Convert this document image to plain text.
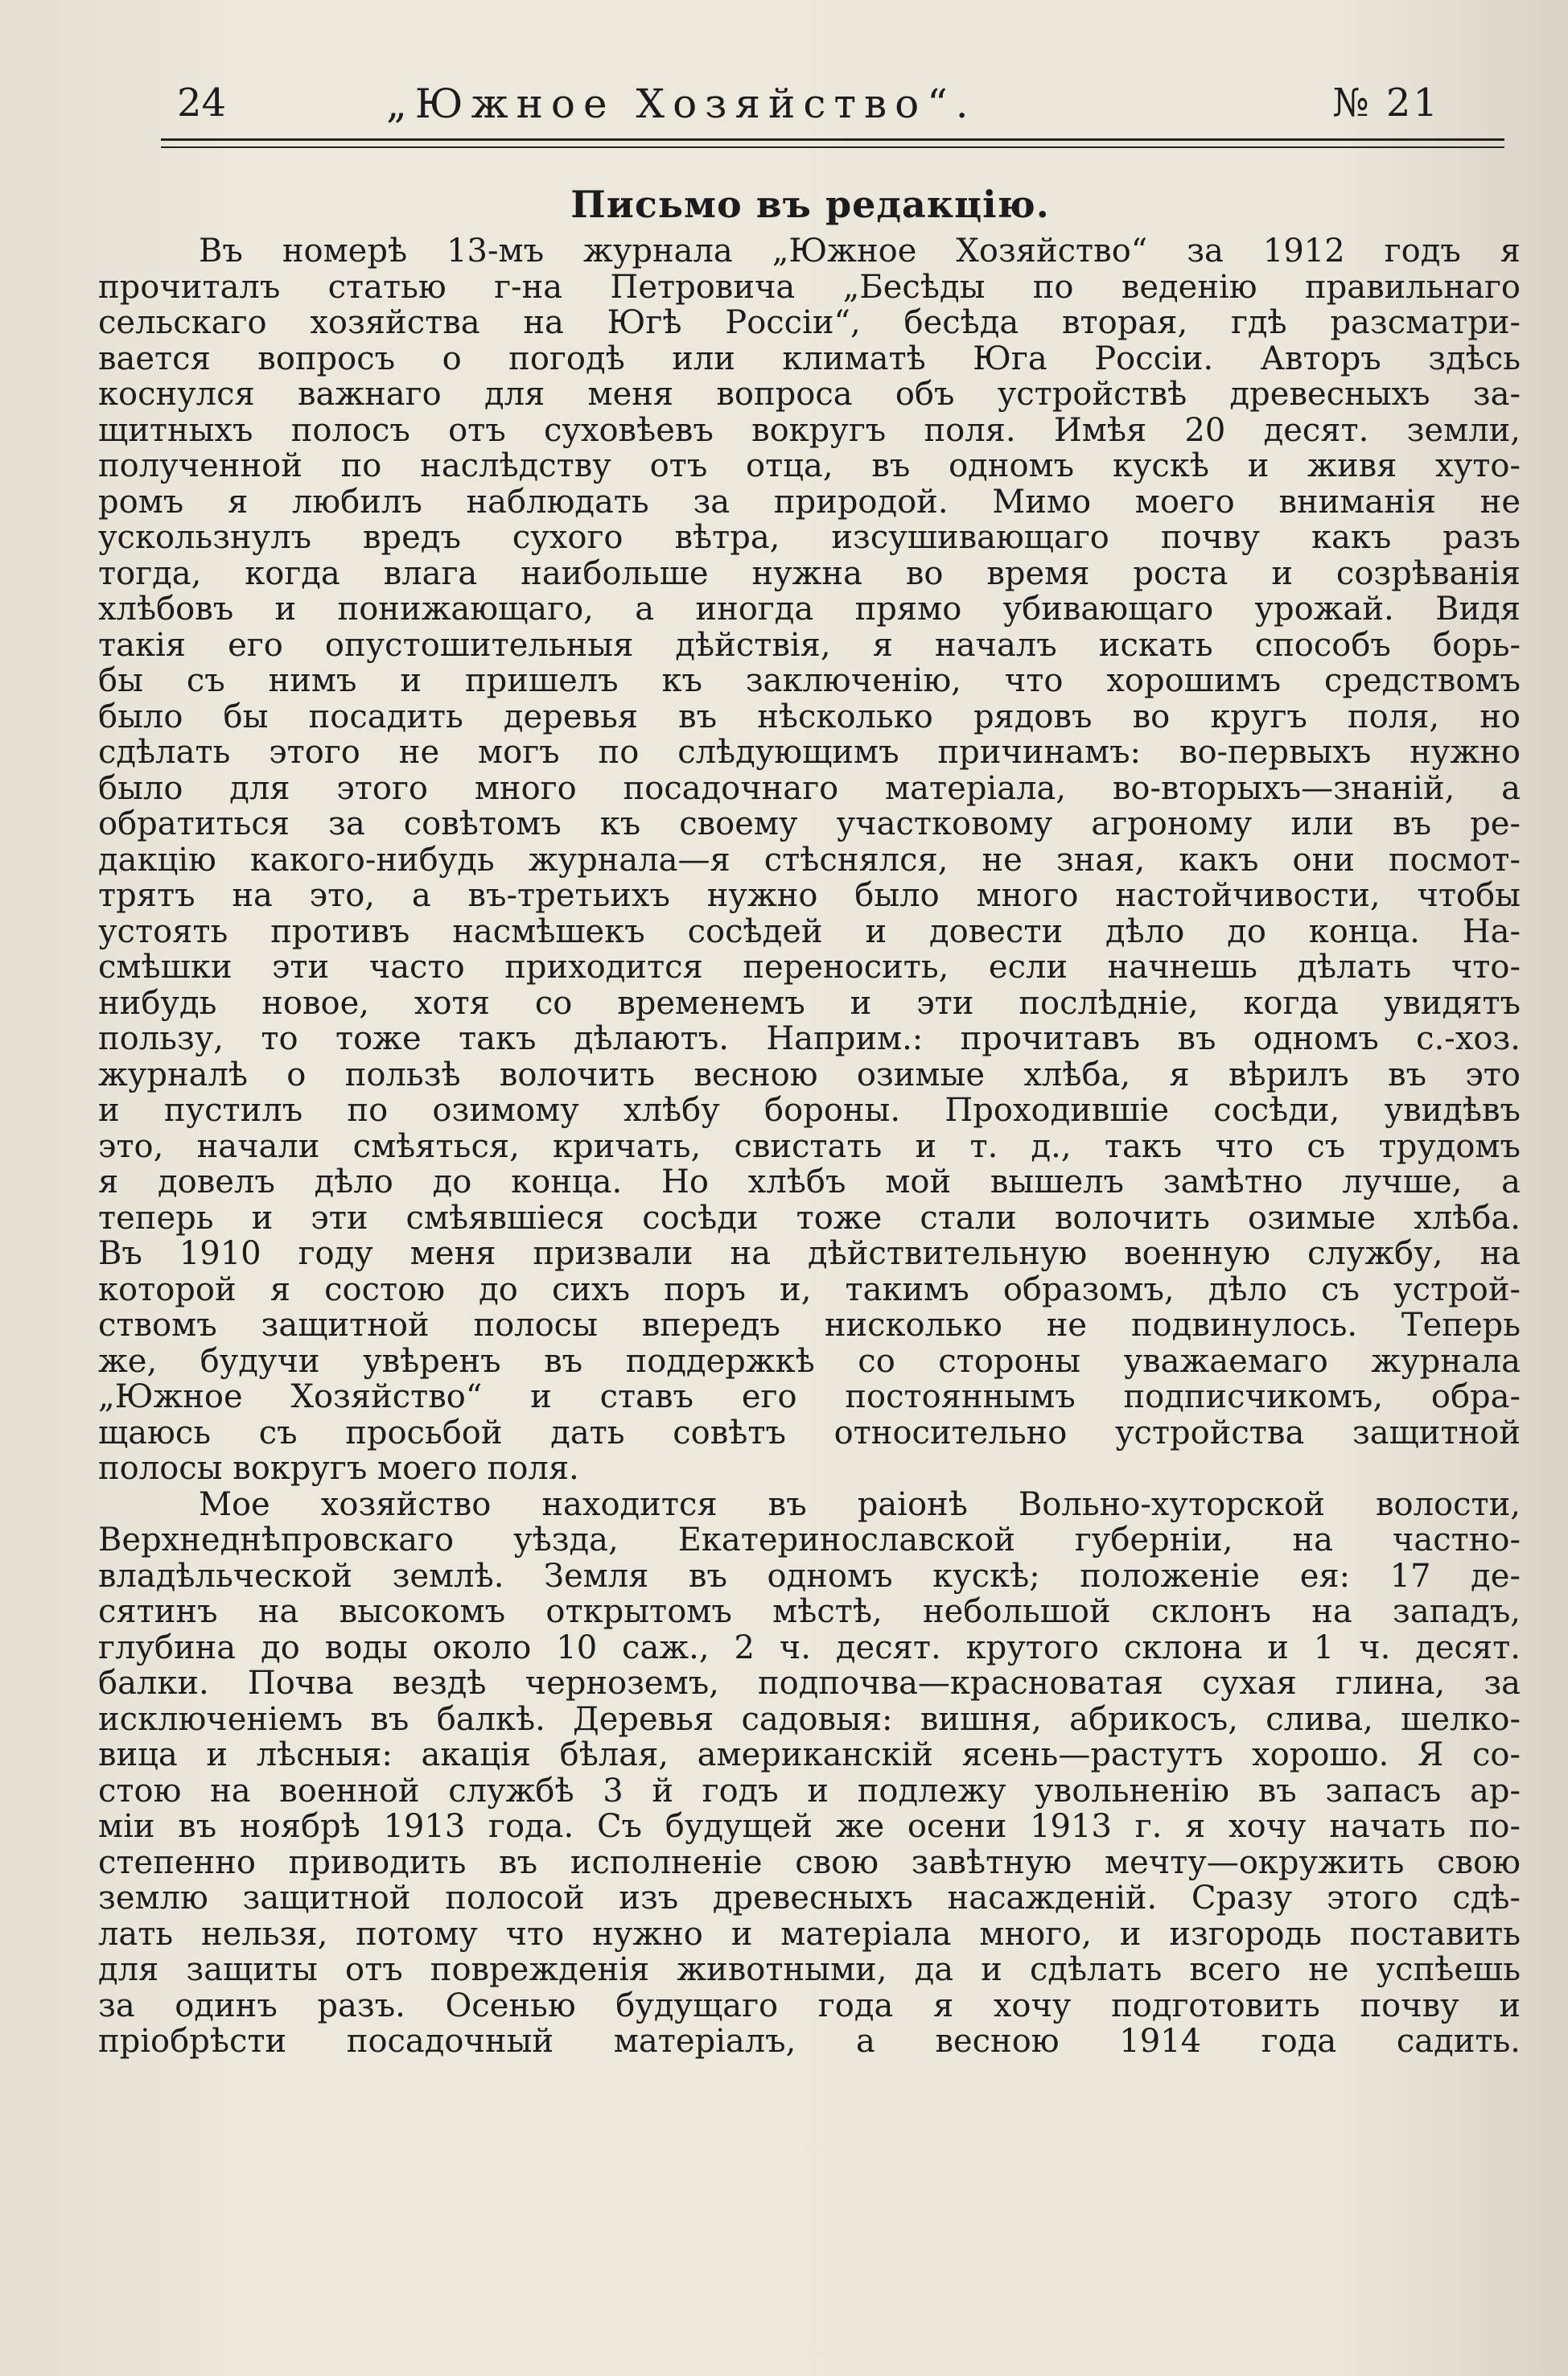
24	„Южное Хозяйство“.	№ 21
Письмо въ редакцію.
Въ номерѣ 13-мъ журнала „Южное Хозяйство“ за 1912 годъ я
прочиталъ статью г-на Петровича „Бесѣды по веденію правильнаго
сельскаго хозяйства на Югѣ Россіи“, бесѣда вторая, гдѣ разсматри-
вается вопросъ о погодѣ или климатѣ Юга Россіи. Авторъ здѣсь
коснулся важнаго для меня вопроса объ устройствѣ древесныхъ за-
щитныхъ полосъ отъ суховѣевъ вокругъ поля. Имѣя 20 десят. земли,
полученной по наслѣдству отъ отца, въ одномъ кускѣ и живя хуто-
ромъ я любилъ наблюдать за природой. Мимо моего вниманія не
ускользнулъ вредъ сухого вѣтра, изсушивающаго почву какъ разъ
тогда, когда влага наибольше нужна во время роста и созрѣванія
хлѣбовъ и понижающаго, а иногда прямо убивающаго урожай. Видя
такія его опустошительныя дѣйствія, я началъ искать способъ борь-
бы съ нимъ и пришелъ къ заключенію, что хорошимъ средствомъ
было бы посадить деревья въ нѣсколько рядовъ во кругъ поля, но
сдѣлать этого не могъ по слѣдующимъ причинамъ: во-первыхъ нужно
было для этого много посадочнаго матеріала, во-вторыхъ—знаній, а
обратиться за совѣтомъ къ своему участковому агроному или въ ре-
дакцію какого-нибудь журнала—я стѣснялся, не зная, какъ они посмот-
трятъ на это, а въ-третьихъ нужно было много настойчивости, чтобы
устоять противъ насмѣшекъ сосѣдей и довести дѣло до конца. На-
смѣшки эти часто приходится переносить, если начнешь дѣлать что-
нибудь новое, хотя со временемъ и эти послѣдніе, когда увидятъ
пользу, то тоже такъ дѣлаютъ. Наприм.: прочитавъ въ одномъ с.-хоз.
журналѣ о пользѣ волочить весною озимые хлѣба, я вѣрилъ въ это
и пустилъ по озимому хлѣбу бороны. Проходившіе сосѣди, увидѣвъ
это, начали смѣяться, кричать, свистать и т. д., такъ что съ трудомъ
я довелъ дѣло до конца. Но хлѣбъ мой вышелъ замѣтно лучше, а
теперь и эти смѣявшіеся сосѣди тоже стали волочить озимые хлѣба.
Въ 1910 году меня призвали на дѣйствительную военную службу, на
которой я состою до сихъ поръ и, такимъ образомъ, дѣло съ устрой-
ствомъ защитной полосы впередъ нисколько не подвинулось. Теперь
же, будучи увѣренъ въ поддержкѣ со стороны уважаемаго журнала
„Южное Хозяйство“ и ставъ его постояннымъ подписчикомъ, обра-
щаюсь съ просьбой дать совѣтъ относительно устройства защитной
полосы вокругъ моего поля.
Мое хозяйство находится въ раіонѣ Вольно-хуторской волости,
Верхнеднѣпровскаго уѣзда, Екатеринославской губерніи, на частно-
владѣльческой землѣ. Земля въ одномъ кускѣ; положеніе ея: 17 де-
сятинъ на высокомъ открытомъ мѣстѣ, небольшой склонъ на западъ,
глубина до воды около 10 саж., 2 ч. десят. крутого склона и 1 ч. десят.
балки. Почва вездѣ черноземъ, подпочва—красноватая сухая глина, за
исключеніемъ въ балкѣ. Деревья садовыя: вишня, абрикосъ, слива, шелко-
вица и лѣсныя: акація бѣлая, американскій ясень—растутъ хорошо. Я со-
стою на военной службѣ 3 й годъ и подлежу увольненію въ запасъ ар-
міи въ ноябрѣ 1913 года. Съ будущей же осени 1913 г. я хочу начать по-
степенно приводить въ исполненіе свою завѣтную мечту—окружить свою
землю защитной полосой изъ древесныхъ насажденій. Сразу этого сдѣ-
лать нельзя, потому что нужно и матеріала много, и изгородь поставить
для защиты отъ поврежденія животными, да и сдѣлать всего не успѣешь
за одинъ разъ. Осенью будущаго года я хочу подготовить почву и
пріобрѣсти посадочный матеріалъ, а весною 1914 года садить.
